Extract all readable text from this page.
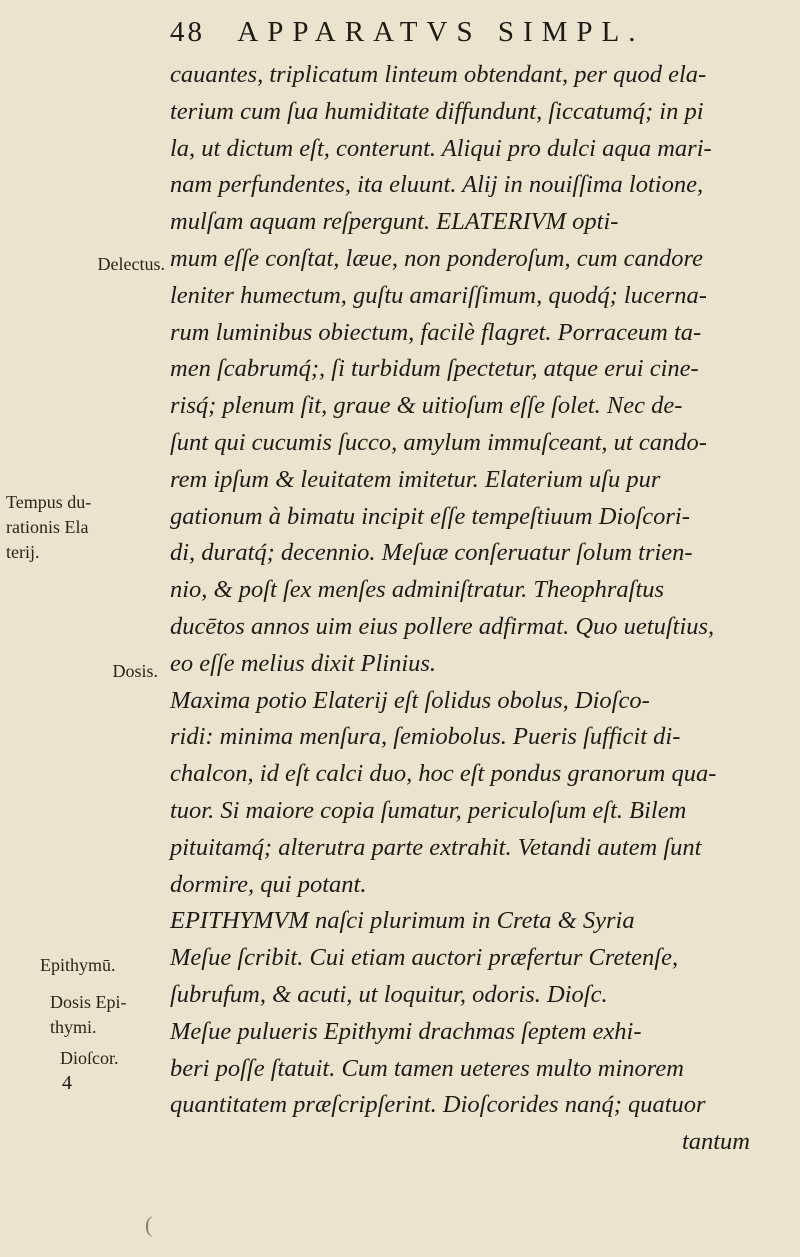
48 APPARATVS SIMPL.
cauantes, triplicatum linteum obtendant, per quod ela-
terium cum ſua humiditate diffundunt, ſiccatumq́; in pi
la, ut dictum eſt, conterunt. Aliqui pro dulci aqua mari-
nam perfundentes, ita eluunt. Alij in nouiſſima lotione,
mulſam aquam reſpergunt. ELATERIVM opti-
mum eſſe conſtat, læue, non ponderoſum, cum candore
leniter humectum, guſtu amariſſimum, quodq́; lucerna-
rum luminibus obiectum, facilè flagret. Porraceum ta-
men ſcabrumq́;, ſi turbidum ſpectetur, atque erui cine-
risq́; plenum ſit, graue & uitioſum eſſe ſolet. Nec de-
ſunt qui cucumis ſucco, amylum immuſceant, ut cando-
rem ipſum & leuitatem imitetur. Elaterium uſu pur
gationum à bimatu incipit eſſe tempeſtiuum Dioſcori-
di, duratq́; decennio. Meſuæ conſeruatur ſolum trien-
nio, & poſt ſex menſes adminiſtratur. Theophraſtus
ducētos annos uim eius pollere adfirmat. Quo uetuſtius,
eo eſſe melius dixit Plinius.
Maxima potio Elaterij eſt ſolidus obolus, Dioſco-
ridi: minima menſura, ſemiobolus. Pueris ſufficit di-
chalcon, id eſt calci duo, hoc eſt pondus granorum qua-
tuor. Si maiore copia ſumatur, periculoſum eſt. Bilem
pituitamq́; alterutra parte extrahit. Vetandi autem ſunt
dormire, qui potant.
EPITHYMVM naſci plurimum in Creta & Syria
Meſue ſcribit. Cui etiam auctori præfertur Cretenſe,
ſubrufum, & acuti, ut loquitur, odoris. Dioſc.
Meſue pulueris Epithymi drachmas ſeptem exhi-
beri poſſe ſtatuit. Cum tamen ueteres multo minorem
quantitatem præſcripſerint. Dioſcorides nanq́; quatuor
tantum
Delectus.
Tempus du-
rationis Ela
terij.
Dosis.
Epithymū.
Dosis Epi-
thymi.
Dioſcor.
4
(
